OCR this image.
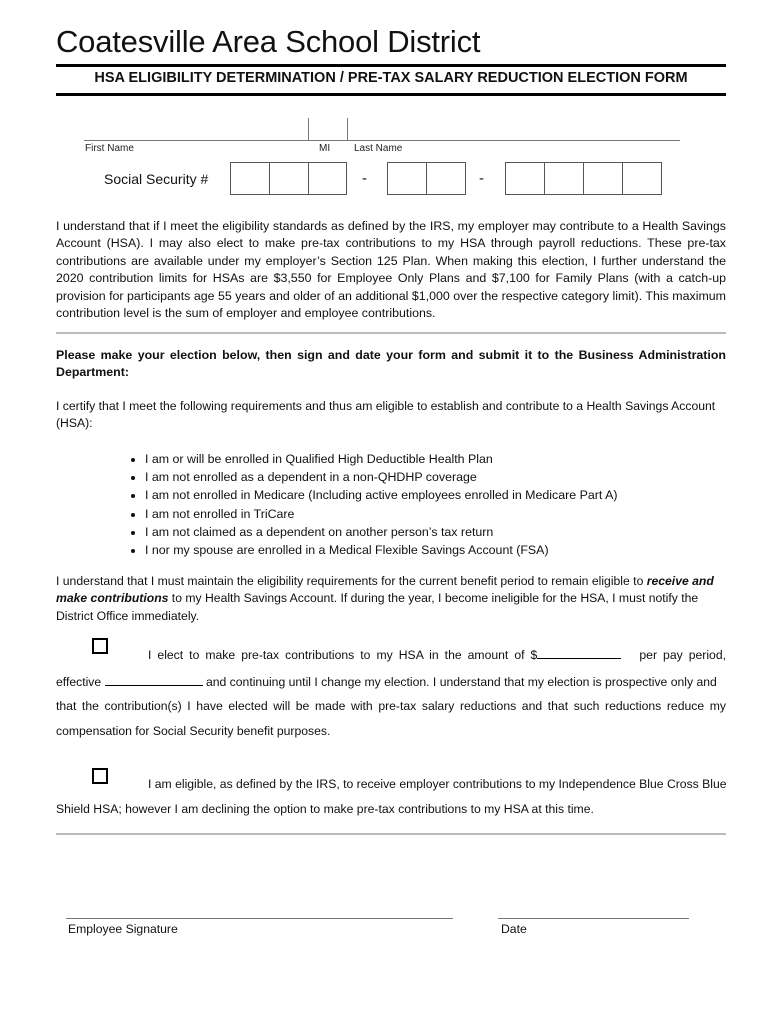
Coatesville Area School District
HSA ELIGIBILITY DETERMINATION / PRE-TAX SALARY REDUCTION ELECTION FORM
First Name	MI Last Name
Social Security #	-	-
I understand that if I meet the eligibility standards as defined by the IRS, my employer may contribute to a Health Savings Account (HSA). I may also elect to make pre-tax contributions to my HSA through payroll reductions. These pre-tax contributions are available under my employer’s Section 125 Plan. When making this election, I further understand the 2020 contribution limits for HSAs are $3,550 for Employee Only Plans and $7,100 for Family Plans (with a catch-up provision for participants age 55 years and older of an additional $1,000 over the respective category limit). This maximum contribution level is the sum of employer and employee contributions.
Please make your election below, then sign and date your form and submit it to the Business Administration Department:
I certify that I meet the following requirements and thus am eligible to establish and contribute to a Health Savings Account (HSA):
• I am or will be enrolled in Qualified High Deductible Health Plan
• I am not enrolled as a dependent in a non-QHDHP coverage
• I am not enrolled in Medicare (Including active employees enrolled in Medicare Part A)
• I am not enrolled in TriCare
• I am not claimed as a dependent on another person’s tax return
• I nor my spouse are enrolled in a Medical Flexible Savings Account (FSA)
I understand that I must maintain the eligibility requirements for the current benefit period to remain eligible to receive and make contributions to my Health Savings Account. If during the year, I become ineligible for the HSA, I must notify the District Office immediately.
I elect to make pre-tax contributions to my HSA in the amount of $	per pay period,
effective	and continuing until I change my election. I understand that my election is prospective only and
that the contribution(s) I have elected will be made with pre-tax salary reductions and that such reductions reduce my
compensation for Social Security benefit purposes.
I am eligible, as defined by the IRS, to receive employer contributions to my Independence Blue Cross Blue
Shield HSA; however I am declining the option to make pre-tax contributions to my HSA at this time.
Employee Signature	Date
